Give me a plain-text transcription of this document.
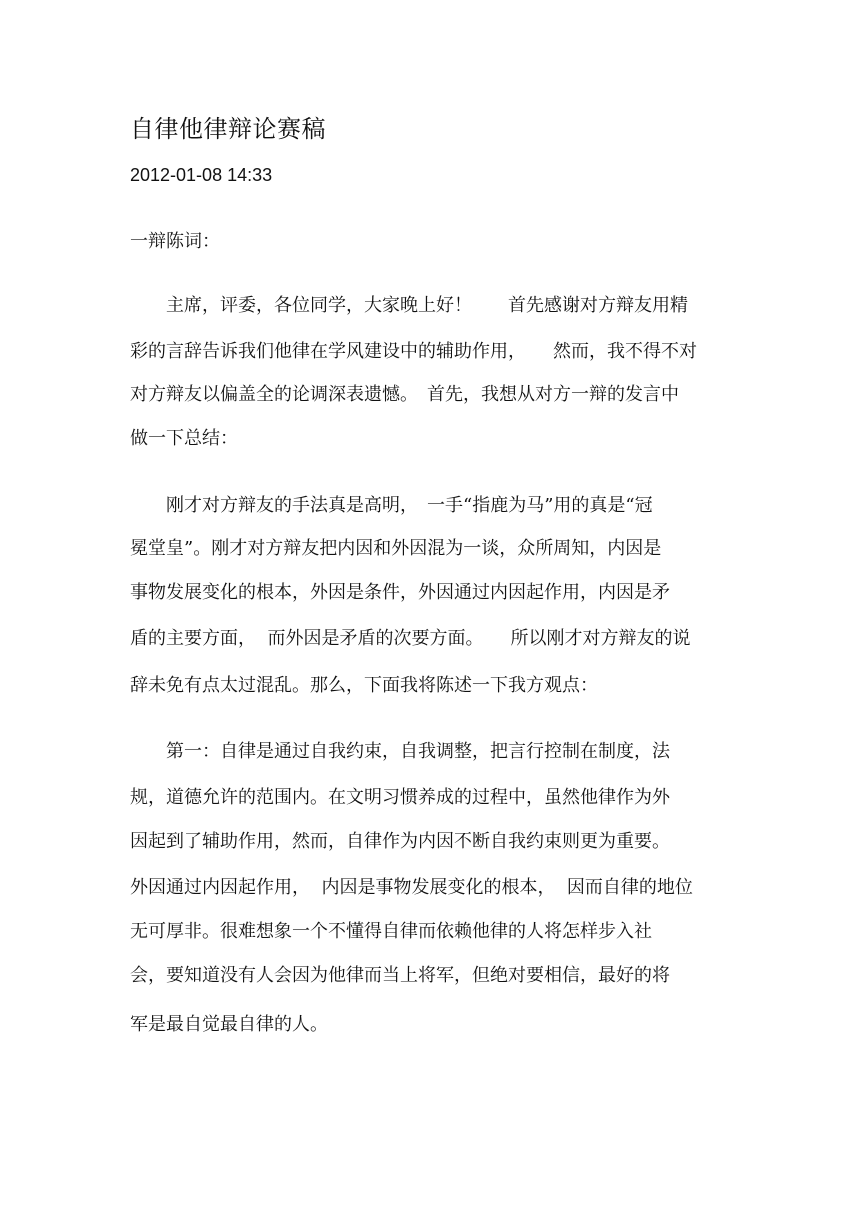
自律他律辩论赛稿
2012-01-08 14:33
一辩陈词：
　　主席，评委，各位同学，大家晚上好！　　首先感谢对方辩友用精
彩的言辞告诉我们他律在学风建设中的辅助作用，　　然而，我不得不对
对方辩友以偏盖全的论调深表遗憾。　首先，我想从对方一辩的发言中
做一下总结：
　　刚才对方辩友的手法真是高明，　一手“指鹿为马”用的真是“冠
冕堂皇”。刚才对方辩友把内因和外因混为一谈，众所周知，内因是
事物发展变化的根本，外因是条件，外因通过内因起作用，内因是矛
盾的主要方面，  而外因是矛盾的次要方面。　　所以刚才对方辩友的说
辞未免有点太过混乱。那么，下面我将陈述一下我方观点：
　　第一：自律是通过自我约束，自我调整，把言行控制在制度，法
规，道德允许的范围内。在文明习惯养成的过程中，虽然他律作为外
因起到了辅助作用，然而，自律作为内因不断自我约束则更为重要。
外因通过内因起作用，  内因是事物发展变化的根本，  因而自律的地位
无可厚非。很难想象一个不懂得自律而依赖他律的人将怎样步入社
会，要知道没有人会因为他律而当上将军，但绝对要相信，最好的将
军是最自觉最自律的人。
